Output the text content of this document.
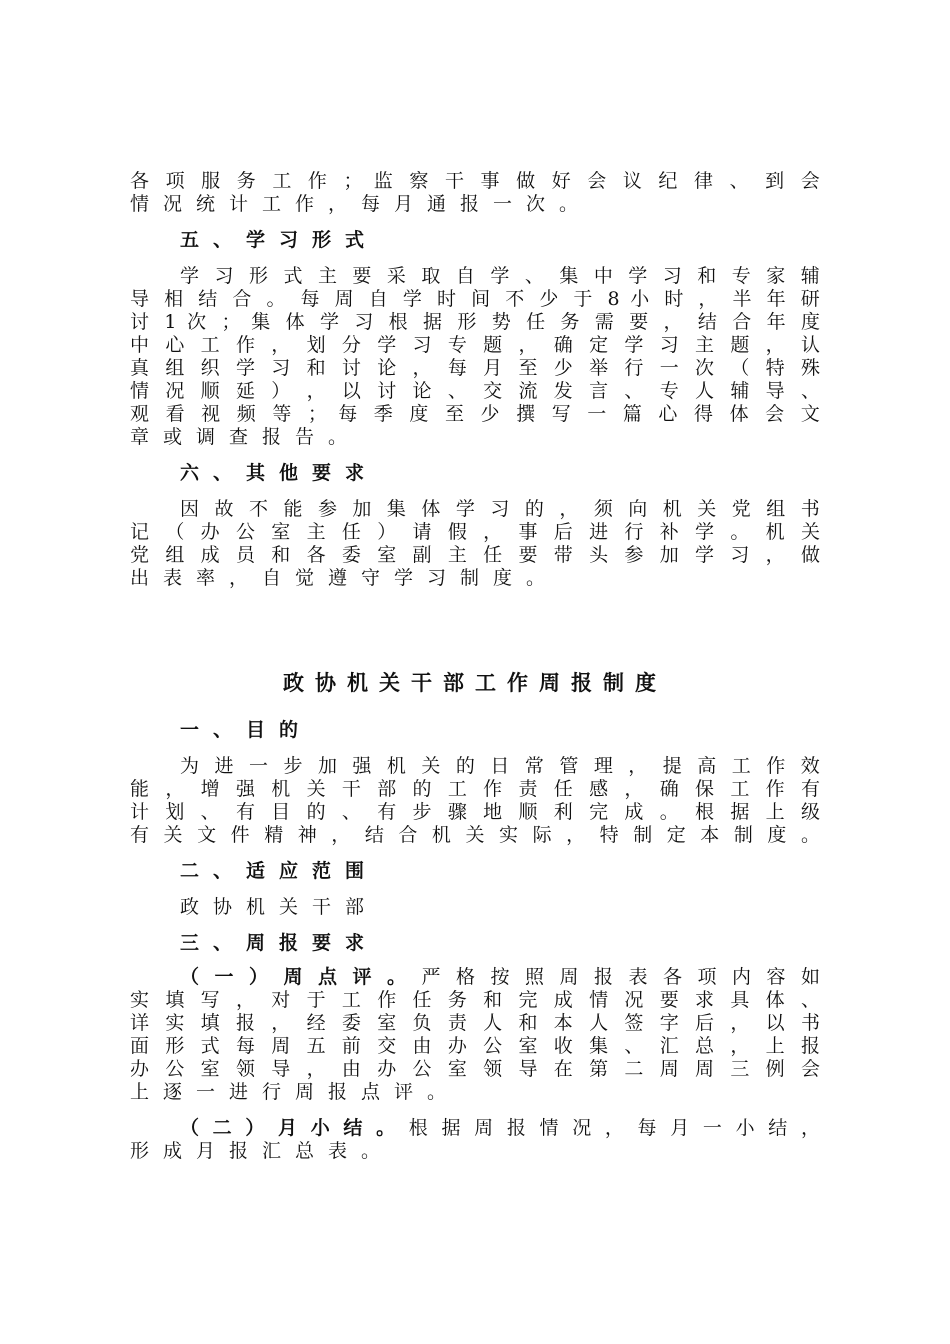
各 项 服 务 工 作 ； 监 察 干 事 做 好 会 议 纪 律 、 到 会
情况统计工作，每月通报一次。
五、学习形式
学 习 形 式 主 要 采 取 自 学 、 集 中 学 习 和 专 家 辅
导 相 结 合 。 每 周 自 学 时 间 不 少 于 8 小 时 ， 半 年 研
讨 1 次 ； 集 体 学 习 根 据 形 势 任 务 需 要 ， 结 合 年 度
中 心 工 作 ， 划 分 学 习 专 题 ， 确 定 学 习 主 题 ， 认
真 组 织 学 习 和 讨 论 ， 每 月 至 少 举 行 一 次 （ 特 殊
情 况 顺 延 ） ， 以 讨 论 、 交 流 发 言 、 专 人 辅 导 、
观 看 视 频 等 ； 每 季 度 至 少 撰 写 一 篇 心 得 体 会 文
章或调查报告。
六、其他要求
因 故 不 能 参 加 集 体 学 习 的 ， 须 向 机 关 党 组 书
记 （ 办 公 室 主 任 ） 请 假 ， 事 后 进 行 补 学 。 机 关
党 组 成 员 和 各 委 室 副 主 任 要 带 头 参 加 学 习 ， 做
出表率，自觉遵守学习制度。
政协机关干部工作周报制度
一、目的
为 进 一 步 加 强 机 关 的 日 常 管 理 ， 提 高 工 作 效
能 ， 增 强 机 关 干 部 的 工 作 责 任 感 ， 确 保 工 作 有
计 划 、 有 目 的 、 有 步 骤 地 顺 利 完 成 。 根 据 上 级
有 关 文 件 精 神 ， 结 合 机 关 实 际 ， 特 制 定 本 制 度 。
二、适应范围
政协机关干部
三、周报要求
（一）周点评。严格按照周报表各项内容如
实 填 写 ， 对 于 工 作 任 务 和 完 成 情 况 要 求 具 体 、
详 实 填 报 ， 经 委 室 负 责 人 和 本 人 签 字 后 ， 以 书
面 形 式 每 周 五 前 交 由 办 公 室 收 集 、 汇 总 ， 上 报
办 公 室 领 导 ， 由 办 公 室 领 导 在 第 二 周 周 三 例 会
上逐一进行周报点评。
（二）月小结。根据周报情况，每月一小结，
形成月报汇总表。
